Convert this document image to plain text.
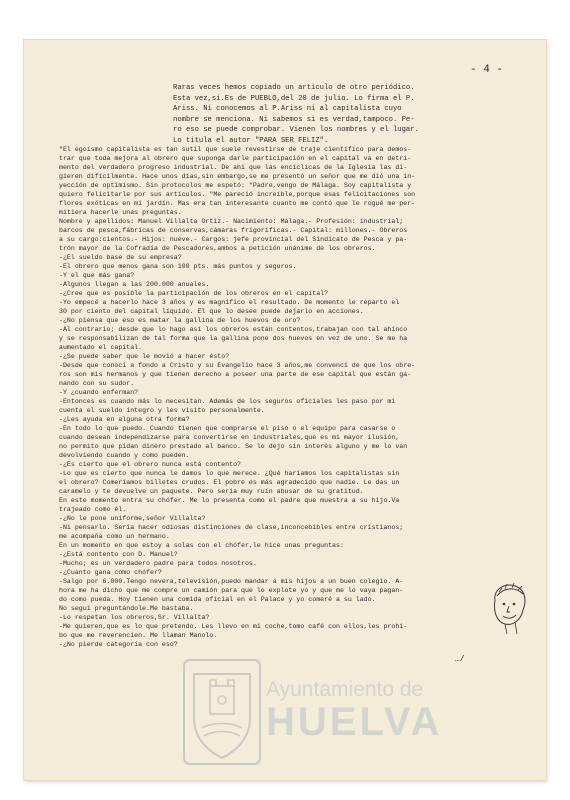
- 4 -
Raras veces hemos copiado un artículo de otro periódico.
Esta vez,sí.Es de PUEBLO,del 20 de julio. Lo firma el P.
Ariss. Ni conocemos al P.Ariss ni al capitalista cuyo
nombre se menciona. Ni sabemos si es verdad,tampoco. Pe-
ro eso se puede comprobar. Vienen los nombres y el lugar.
Lo titula el autor "PARA SER FELIZ".
"El egoísmo capitalista es tan sutil que suele revestirse de traje científico para demos-
trar que toda mejora al obrero que suponga darle participación en el capital va en detri-
mento del verdadero progreso industrial. De ahí que las encíclicas de la Iglesia las di-
gieren difícilmente. Hace unos días,sin embargo,se me presentó un señor que me dió una in-
yección de optimismo. Sin protocolos me espetó: "Padre,vengo de Málaga. Soy capitalista y
quiero felicitarle por sus artículos. "Me pareció increíble,porque esas felicitaciones son
flores exóticas en mi jardín. Mas era tan interesante cuanto me contó que le rogué me per-
mitiera hacerle unas preguntas.
Nombre y apellidos: Manuel Villalta Ortiz.- Nacimiento: Málaga.- Profesión: industrial;
barcos de pesca,fábricas de conservas,cámaras frigoríficas.- Capital: millones.- Obreros
a su cargo:cientos.- Hijos: nueve.- Cargos: jefe provincial del Sindicato de Pesca y pa-
trón mayor de la Cofradía de Pescadores,ambos a petición unánime de los obreros.
-¿El sueldo base de su empresa?
-El obrero que menos gana son 100 pts. más puntos y seguros.
-Y el que más gana?
-Algunos llegan a las 200.000 anuales.
-¿Cree que es posible la participación de los obreros en el capital?
-Yo empecé a hacerlo hace 3 años y es magnífico el resultado. De momento le reparto el
30 por ciento del capital líquido. El que lo desee puede dejarlo en acciones.
-¿No piensa que eso es matar la gallina de los huevos de oro?
-Al contrario; desde que lo hago así los obreros están contentos,trabajan con tal ahínco
y se responsabilizan de tal forma que la gallina pone dos huevos en vez de uno. Se me ha
aumentado el capital.
-¿Se puede saber que le movió a hacer ésto?
-Desde que conocí a fondo a Cristo y su Evangelio hace 3 años,me convencí de que los obre-
ros son mis hermanos y que tienen derecho a poseer una parte de ese capital que están ga-
nando con su sudor.
-Y ¿cuando enferman?
-Entonces es cuando más lo necesitan. Además de los seguros oficiales les paso por mi
cuenta el sueldo íntegro y les visito personalmente.
-¿Les ayuda en alguna otra forma?
-En todo lo que puedo. Cuando tienen que comprarse el piso o el equipo para casarse o
cuando desean independizarse para convertirse en industriales,que es mi mayor ilusión,
no permito que pidan dinero prestado al banco. Se lo dejo sin interés alguno y me lo van
devolviendo cuando y como pueden.
-¿Es cierto que el obrero nunca está contento?
-Lo que es cierto que nunca le damos lo que merece. ¿Qué haríamos los capitalistas sin
el obrero? Comeríamos billetes crudos. El pobre es más agradecido que nadie. Le das un
caramelo y te devuelve un paquete. Pero sería muy ruín abusar de su gratitud.
En este momento entra su chófer. Me lo presenta como el padre que muestra a su hijo.Va
trajeado como él.
-¿No le pone uniforme,señor Villalta?
-Ni pensarlo. Sería hacer odiosas distinciones de clase,inconcebibles entre cristianos;
me acompaña como un hermano.
En un momento en que estoy a solas con el chófer,le hice unas preguntas:
-¿Está contento con D. Manuel?
-Mucho; es un verdadero padre para todos nosotros.
-¿Cuanto gana como chófer?
-Salgo por 6.000.Tengo nevera,televisión,puedo mandar a mis hijos a un buen colegio. A-
hora me ha dicho que me compre un camión para que lo explote yo y que me lo vaya pagan-
do como pueda. Hoy tienen una comida oficial en el Palace y yo comeré a su lado.
No seguí preguntándole.Me bastaba.
-Lo respetan los obreros,Sr. Villalta?
-Me quieren,que es lo que pretendo. Les llevo en mi coche,tomo café con ellos,les prohí-
bo que me reverencien. Me llaman Manolo.
-¿No pierde categoría con eso?
…/
Ayuntamiento de
HUELVA
